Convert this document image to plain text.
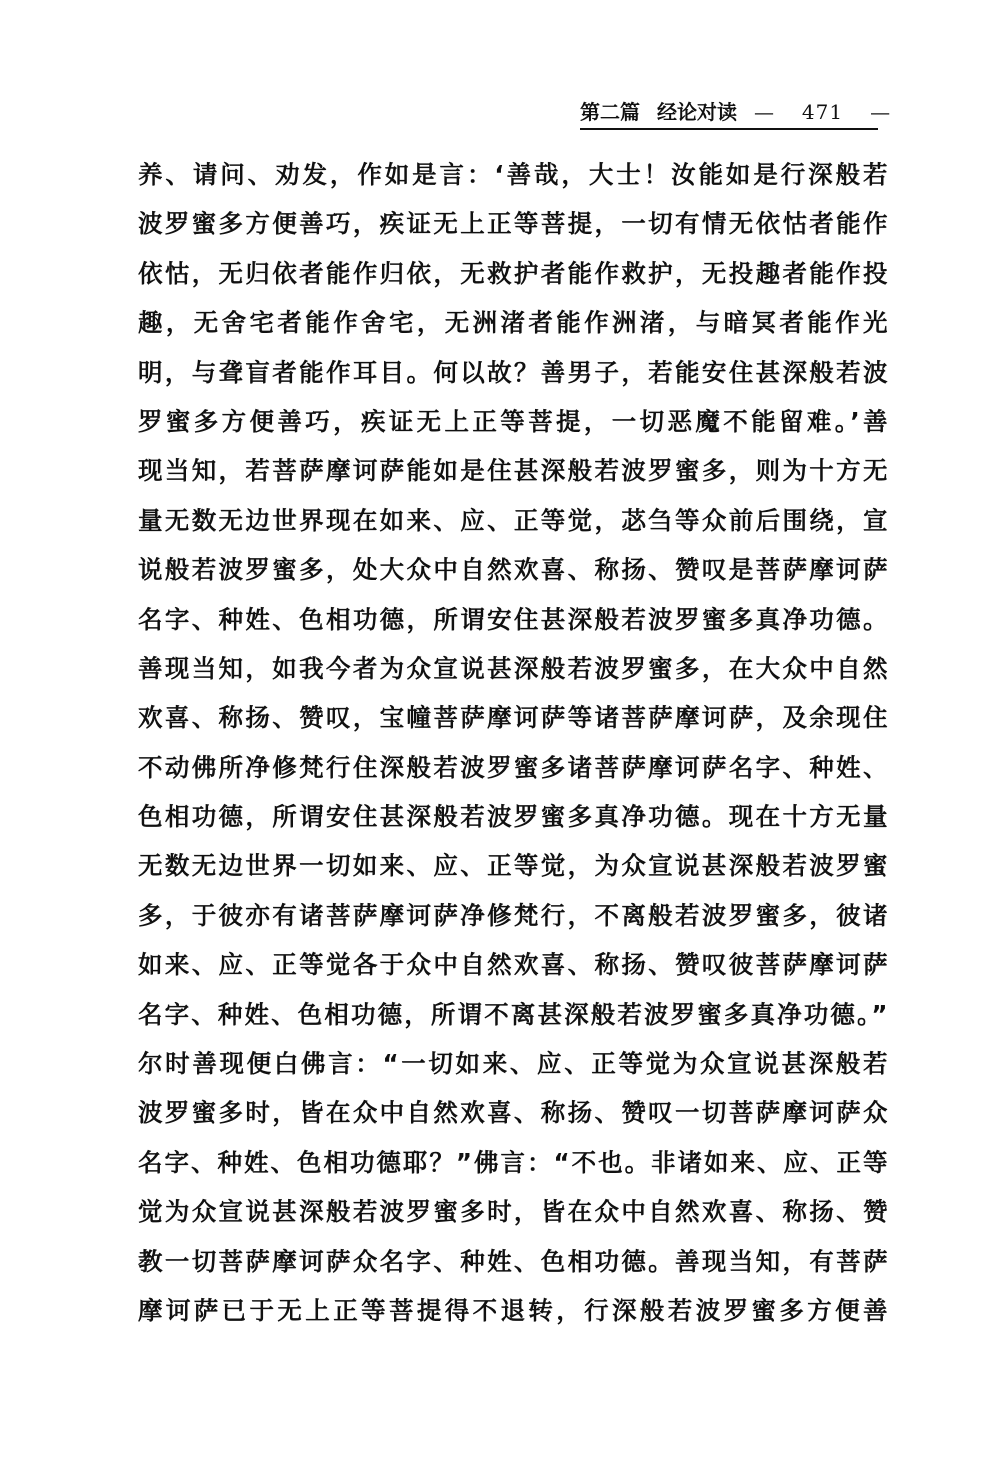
第二篇 经论对读 — 471 —
养、请问、劝发，作如是言：‘善哉，大士！汝能如是行深般若
波罗蜜多方便善巧，疾证无上正等菩提，一切有情无依怙者能作
依怙，无归依者能作归依，无救护者能作救护，无投趣者能作投
趣，无舍宅者能作舍宅，无洲渚者能作洲渚，与暗冥者能作光
明，与聋盲者能作耳目。何以故？善男子，若能安住甚深般若波
罗蜜多方便善巧，疾证无上正等菩提，一切恶魔不能留难。’善
现当知，若菩萨摩诃萨能如是住甚深般若波罗蜜多，则为十方无
量无数无边世界现在如来、应、正等觉，苾刍等众前后围绕，宣
说般若波罗蜜多，处大众中自然欢喜、称扬、赞叹是菩萨摩诃萨
名字、种姓、色相功德，所谓安住甚深般若波罗蜜多真净功德。
善现当知，如我今者为众宣说甚深般若波罗蜜多，在大众中自然
欢喜、称扬、赞叹，宝幢菩萨摩诃萨等诸菩萨摩诃萨，及余现住
不动佛所净修梵行住深般若波罗蜜多诸菩萨摩诃萨名字、种姓、
色相功德，所谓安住甚深般若波罗蜜多真净功德。现在十方无量
无数无边世界一切如来、应、正等觉，为众宣说甚深般若波罗蜜
多，于彼亦有诸菩萨摩诃萨净修梵行，不离般若波罗蜜多，彼诸
如来、应、正等觉各于众中自然欢喜、称扬、赞叹彼菩萨摩诃萨
名字、种姓、色相功德，所谓不离甚深般若波罗蜜多真净功德。”
尔时善现便白佛言：“一切如来、应、正等觉为众宣说甚深般若
波罗蜜多时，皆在众中自然欢喜、称扬、赞叹一切菩萨摩诃萨众
名字、种姓、色相功德耶？”佛言：“不也。非诸如来、应、正等
觉为众宣说甚深般若波罗蜜多时，皆在众中自然欢喜、称扬、赞
教一切菩萨摩诃萨众名字、种姓、色相功德。善现当知，有菩萨
摩诃萨已于无上正等菩提得不退转，行深般若波罗蜜多方便善
